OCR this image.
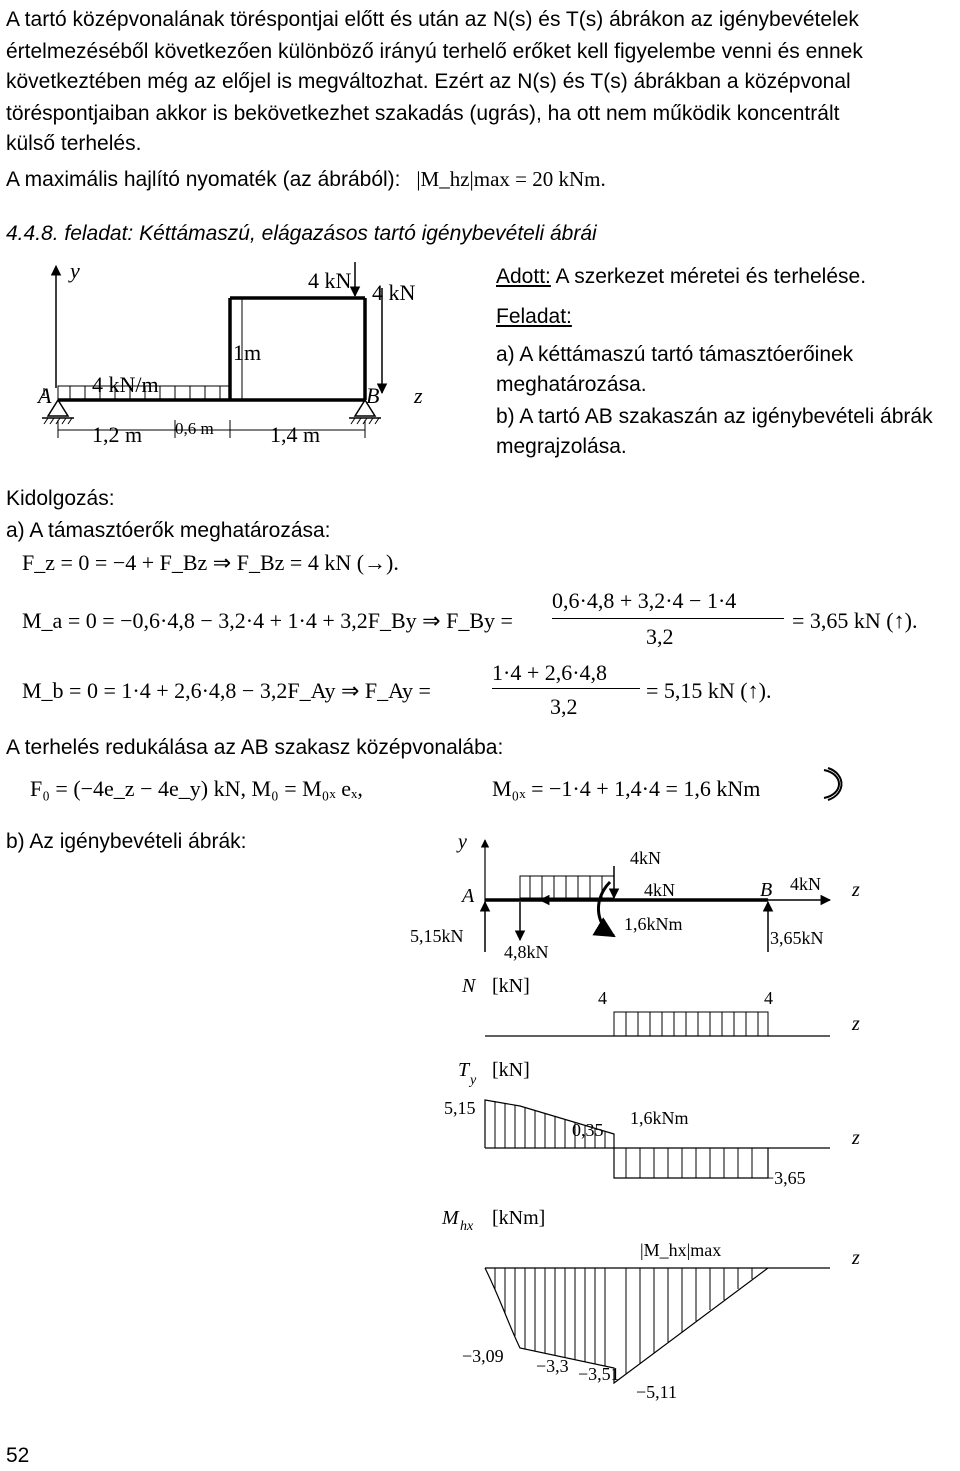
A tartó középvonalának töréspontjai előtt és után az N(s) és T(s) ábrákon az igénybevételek

értelmezéséből következően különböző irányú terhelő erőket kell figyelembe venni és ennek

következtében még az előjel is megváltozhat. Ezért az N(s) és T(s) ábrákban a középvonal

töréspontjaiban akkor is bekövetkezhet szakadás (ugrás), ha ott nem működik koncentrált

külső terhelés.

A maximális hajlító nyomaték (az ábrából): |M_hz|max = 20 kNm.

4.4.8. feladat: Kéttámaszú, elágazásos tartó igénybevételi ábrái

y
A	B z
4 kN 4 kN
4 kN/m
1m
1,2 m 0,6 m	1,4 m
Adott: A szerkezet méretei és terhelése.
Feladat:
a) A kéttámaszú tartó támasztóerőinek meghatározása.
b) A tartó AB szakaszán az igénybevételi ábrák megrajzolása.

Kidolgozás:

a) A támasztóerők meghatározása:

F_z = 0 = −4 + F_Bz ⇒ F_Bz = 4 kN (→).
M_a = 0 = −0,6·4,8 − 3,2·4 + 1·4 + 3,2F_By ⇒ F_By =
0,6·4,8 + 3,2·4 − 1·4
3,2
= 3,65 kN (↑).
M_b = 0 = 1·4 + 2,6·4,8 − 3,2F_Ay ⇒ F_Ay =
1·4 + 2,6·4,8
3,2
= 5,15 kN (↑).

A terhelés redukálása az AB szakasz középvonalába:

F₀ = (−4e_z − 4e_y) kN, M₀ = M₀ₓ eₓ,	M₀ₓ = −1·4 + 1,4·4 = 1,6 kNm

b) Az igénybevételi ábrák:	y
A	B	z
4kN
4kN	4kN
5,15kN
4,8kN
1,6kNm
3,65kN
N [kN]
4	4
z
T y [kN]
5,15
0,35
1,6kNm
−3,65
z
M hx [kNm]
|M_hx|max
−3,09 −3,3 −3,51
−5,11
z
52
